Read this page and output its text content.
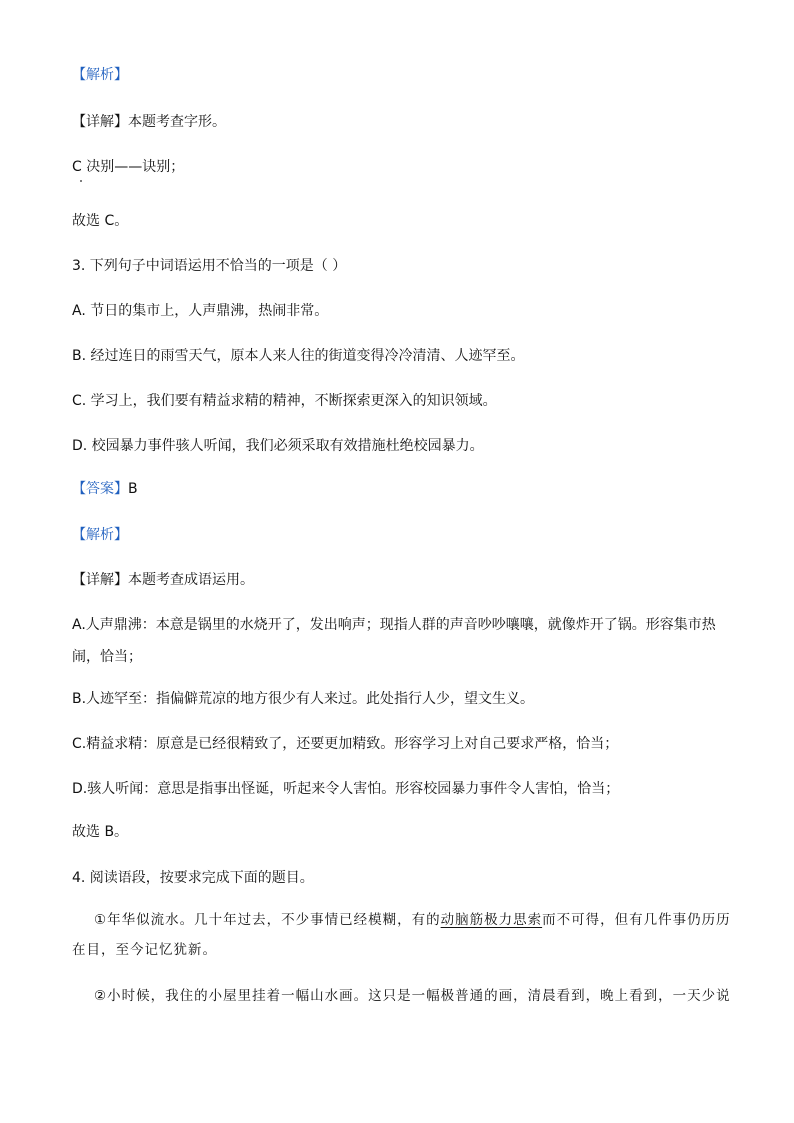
【解析】
【详解】本题考查字形。
C 决别——诀别；
故选 C。
3. 下列句子中词语运用不恰当的一项是（ ）
A. 节日的集市上，人声鼎沸，热闹非常。
B. 经过连日的雨雪天气，原本人来人往的街道变得冷冷清清、人迹罕至。
C. 学习上，我们要有精益求精的精神，不断探索更深入的知识领域。
D. 校园暴力事件骇人听闻，我们必须采取有效措施杜绝校园暴力。
【答案】B
【解析】
【详解】本题考查成语运用。
A.人声鼎沸：本意是锅里的水烧开了，发出响声；现指人群的声音吵吵嚷嚷，就像炸开了锅。形容集市热闹，恰当；
B.人迹罕至：指偏僻荒凉的地方很少有人来过。此处指行人少，望文生义。
C.精益求精：原意是已经很精致了，还要更加精致。形容学习上对自己要求严格，恰当；
D.骇人听闻：意思是指事出怪诞，听起来令人害怕。形容校园暴力事件令人害怕，恰当；
故选 B。
4. 阅读语段，按要求完成下面的题目。
①年华似流水。几十年过去，不少事情已经模糊，有的动脑筋极力思索而不可得，但有几件事仍历历在目，至今记忆犹新。
②小时候，我住的小屋里挂着一幅山水画。这只是一幅极普通的画，清晨看到，晚上看到，一天少说
